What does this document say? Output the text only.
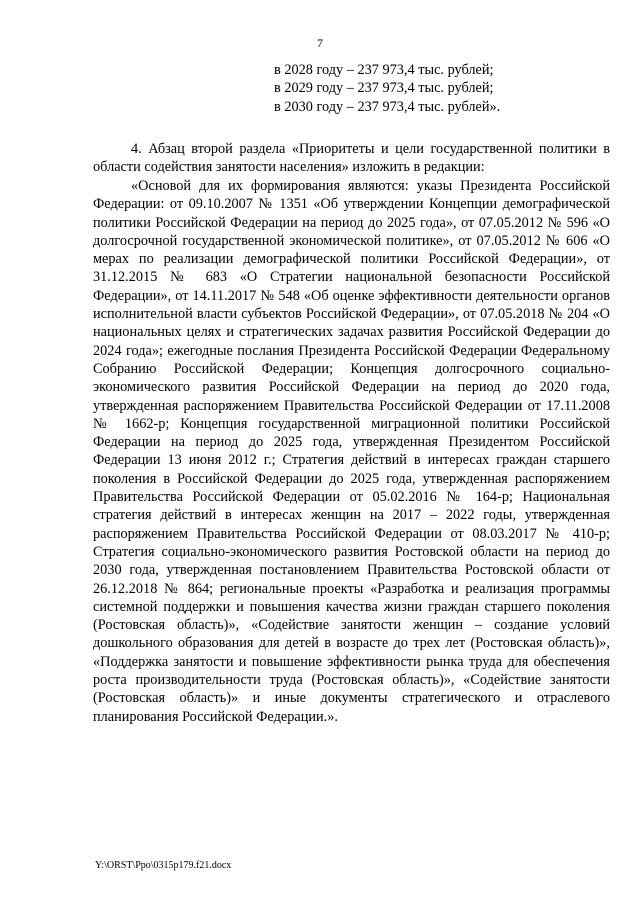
7
в 2028 году – 237 973,4 тыс. рублей;
в 2029 году – 237 973,4 тыс. рублей;
в 2030 году – 237 973,4 тыс. рублей».

4. Абзац второй раздела «Приоритеты и цели государственной политики в области содействия занятости населения» изложить в редакции:

«Основой для их формирования являются: указы Президента Российской Федерации: от 09.10.2007 № 1351 «Об утверждении Концепции демографической политики Российской Федерации на период до 2025 года», от 07.05.2012 № 596 «О долгосрочной государственной экономической политике», от 07.05.2012 № 606 «О мерах по реализации демографической политики Российской Федерации», от 31.12.2015 № 683 «О Стратегии национальной безопасности Российской Федерации», от 14.11.2017 № 548 «Об оценке эффективности деятельности органов исполнительной власти субъектов Российской Федерации», от 07.05.2018 № 204 «О национальных целях и стратегических задачах развития Российской Федерации до 2024 года»; ежегодные послания Президента Российской Федерации Федеральному Собранию Российской Федерации; Концепция долгосрочного социально-экономического развития Российской Федерации на период до 2020 года, утвержденная распоряжением Правительства Российской Федерации от 17.11.2008 № 1662-р; Концепция государственной миграционной политики Российской Федерации на период до 2025 года, утвержденная Президентом Российской Федерации 13 июня 2012 г.; Стратегия действий в интересах граждан старшего поколения в Российской Федерации до 2025 года, утвержденная распоряжением Правительства Российской Федерации от 05.02.2016 № 164-р; Национальная стратегия действий в интересах женщин на 2017 – 2022 годы, утвержденная распоряжением Правительства Российской Федерации от 08.03.2017 № 410-р; Стратегия социально-экономического развития Ростовской области на период до 2030 года, утвержденная постановлением Правительства Ростовской области от 26.12.2018 № 864; региональные проекты «Разработка и реализация программы системной поддержки и повышения качества жизни граждан старшего поколения (Ростовская область)», «Содействие занятости женщин – создание условий дошкольного образования для детей в возрасте до трех лет (Ростовская область)», «Поддержка занятости и повышение эффективности рынка труда для обеспечения роста производительности труда (Ростовская область)», «Содействие занятости (Ростовская область)» и иные документы стратегического и отраслевого планирования Российской Федерации.».

Y:\ORST\Ppo\0315p179.f21.docx
